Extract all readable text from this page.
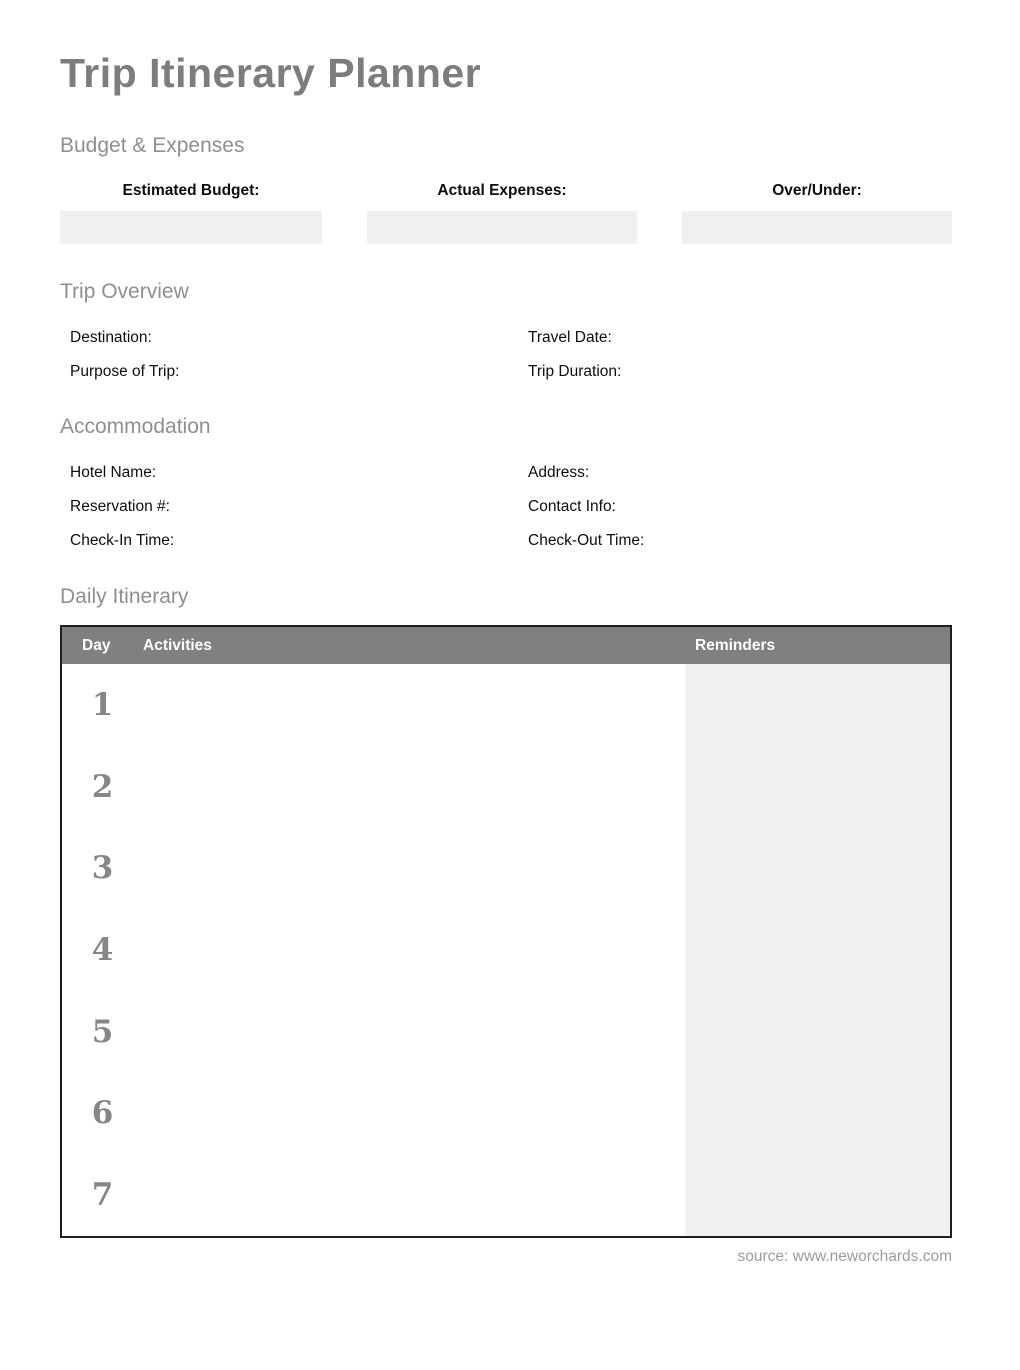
Trip Itinerary Planner
Budget & Expenses
Estimated Budget:	Actual Expenses:	Over/Under:
Trip Overview
Destination:	Travel Date:
Purpose of Trip:	Trip Duration:
Accommodation
Hotel Name:	Address:
Reservation #:	Contact Info:
Check-In Time:	Check-Out Time:
Daily Itinerary
Day	Activities	Reminders
1
2
3
4
5
6
7
source: www.neworchards.com
